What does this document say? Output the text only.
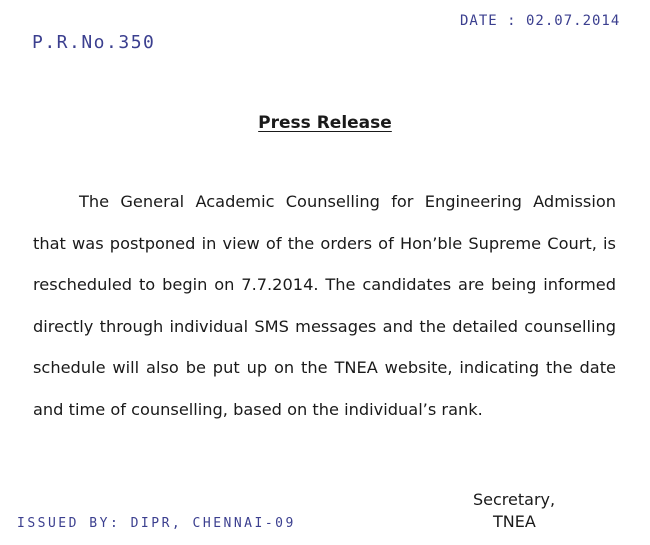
P.R.No.350
DATE : 02.07.2014
Press Release

The General Academic Counselling for Engineering Admission that was postponed in view of the orders of Hon’ble Supreme Court, is rescheduled to begin on 7.7.2014. The candidates are being informed directly through individual SMS messages and the detailed counselling schedule will also be put up on the TNEA website, indicating the date and time of counselling, based on the individual’s rank.

Secretary,
TNEA
ISSUED BY: DIPR, CHENNAI-09
